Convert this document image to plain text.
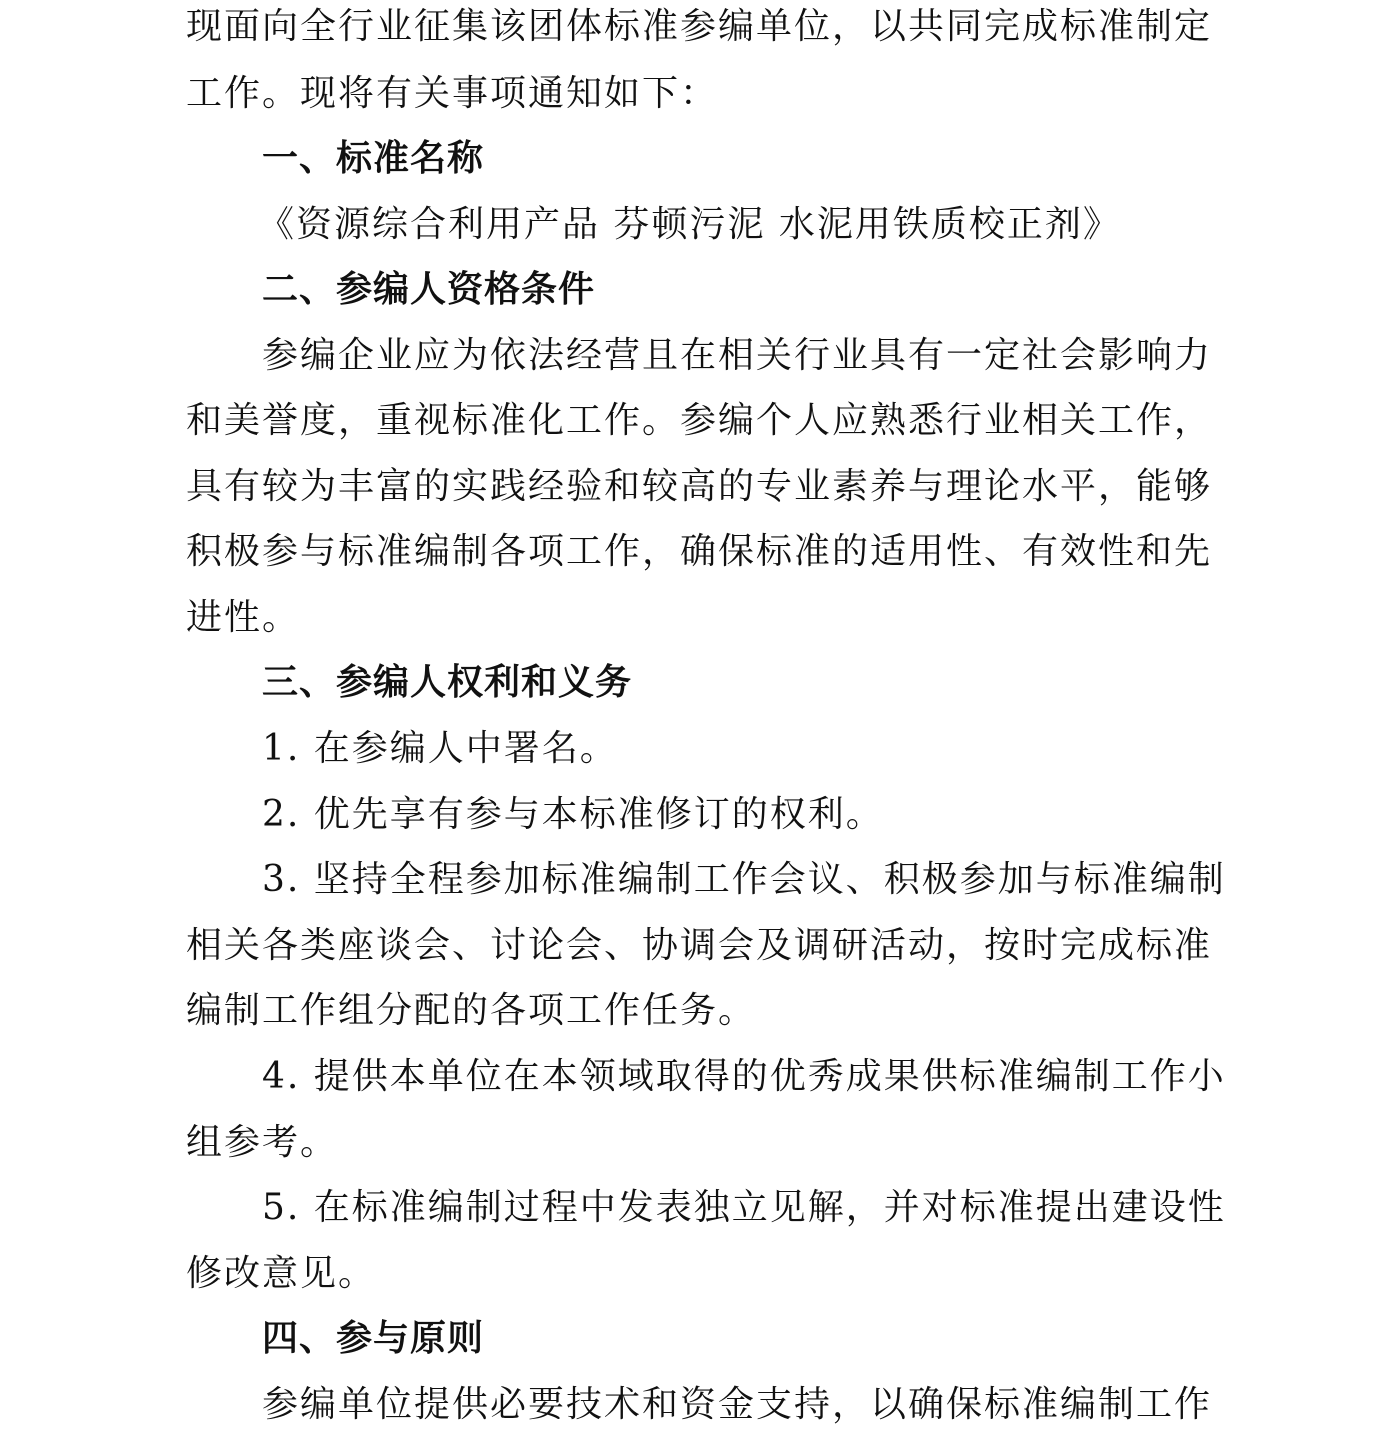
现面向全行业征集该团体标准参编单位，以共同完成标准制定
工作。现将有关事项通知如下：
一、标准名称
《资源综合利用产品 芬顿污泥 水泥用铁质校正剂》
二、参编人资格条件
参编企业应为依法经营且在相关行业具有一定社会影响力
和美誉度，重视标准化工作。参编个人应熟悉行业相关工作，
具有较为丰富的实践经验和较高的专业素养与理论水平，能够
积极参与标准编制各项工作，确保标准的适用性、有效性和先
进性。
三、参编人权利和义务
1. 在参编人中署名。
2. 优先享有参与本标准修订的权利。
3. 坚持全程参加标准编制工作会议、积极参加与标准编制
相关各类座谈会、讨论会、协调会及调研活动，按时完成标准
编制工作组分配的各项工作任务。
4. 提供本单位在本领域取得的优秀成果供标准编制工作小
组参考。
5. 在标准编制过程中发表独立见解，并对标准提出建设性
修改意见。
四、参与原则
参编单位提供必要技术和资金支持，以确保标准编制工作
